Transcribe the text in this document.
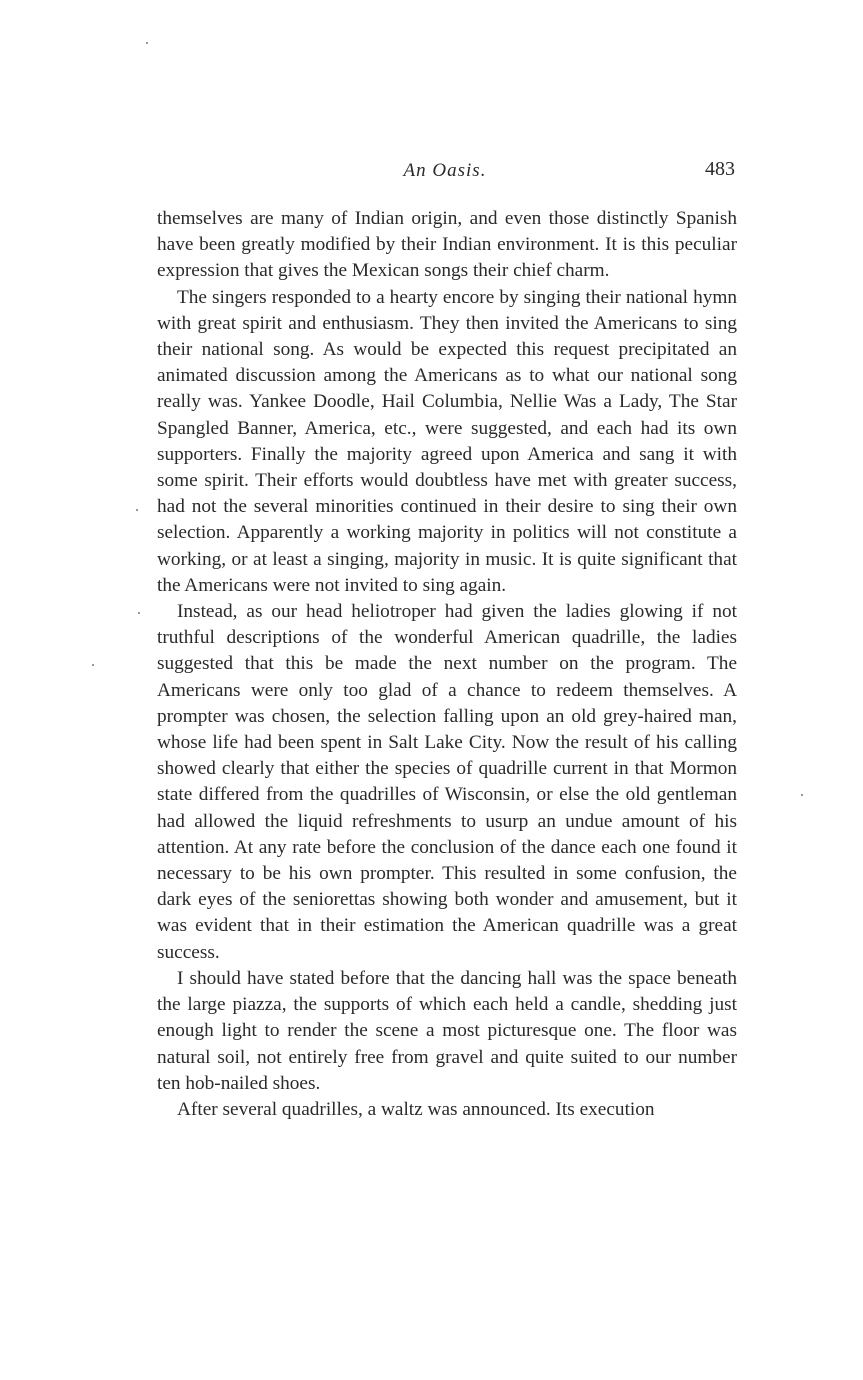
An Oasis.	483

themselves are many of Indian origin, and even those distinctly Spanish have been greatly modified by their Indian environment. It is this peculiar expression that gives the Mexican songs their chief charm.

The singers responded to a hearty encore by singing their national hymn with great spirit and enthusiasm. They then invited the Americans to sing their national song. As would be expected this request precipitated an animated discussion among the Americans as to what our national song really was. Yankee Doodle, Hail Columbia, Nellie Was a Lady, The Star Spangled Banner, America, etc., were suggested, and each had its own supporters. Finally the majority agreed upon America and sang it with some spirit. Their efforts would doubtless have met with greater success, had not the several minorities continued in their desire to sing their own selection. Apparently a working majority in politics will not constitute a working, or at least a singing, majority in music. It is quite significant that the Americans were not invited to sing again.

Instead, as our head heliotroper had given the ladies glowing if not truthful descriptions of the wonderful American quadrille, the ladies suggested that this be made the next number on the program. The Americans were only too glad of a chance to redeem themselves. A prompter was chosen, the selection falling upon an old grey-haired man, whose life had been spent in Salt Lake City. Now the result of his calling showed clearly that either the species of quadrille current in that Mormon state differed from the quadrilles of Wisconsin, or else the old gentleman had allowed the liquid refreshments to usurp an undue amount of his attention. At any rate before the conclusion of the dance each one found it necessary to be his own prompter. This resulted in some confusion, the dark eyes of the seniorettas showing both wonder and amusement, but it was evident that in their estimation the American quadrille was a great success.

I should have stated before that the dancing hall was the space beneath the large piazza, the supports of which each held a candle, shedding just enough light to render the scene a most picturesque one. The floor was natural soil, not entirely free from gravel and quite suited to our number ten hob-nailed shoes.

After several quadrilles, a waltz was announced. Its execution
